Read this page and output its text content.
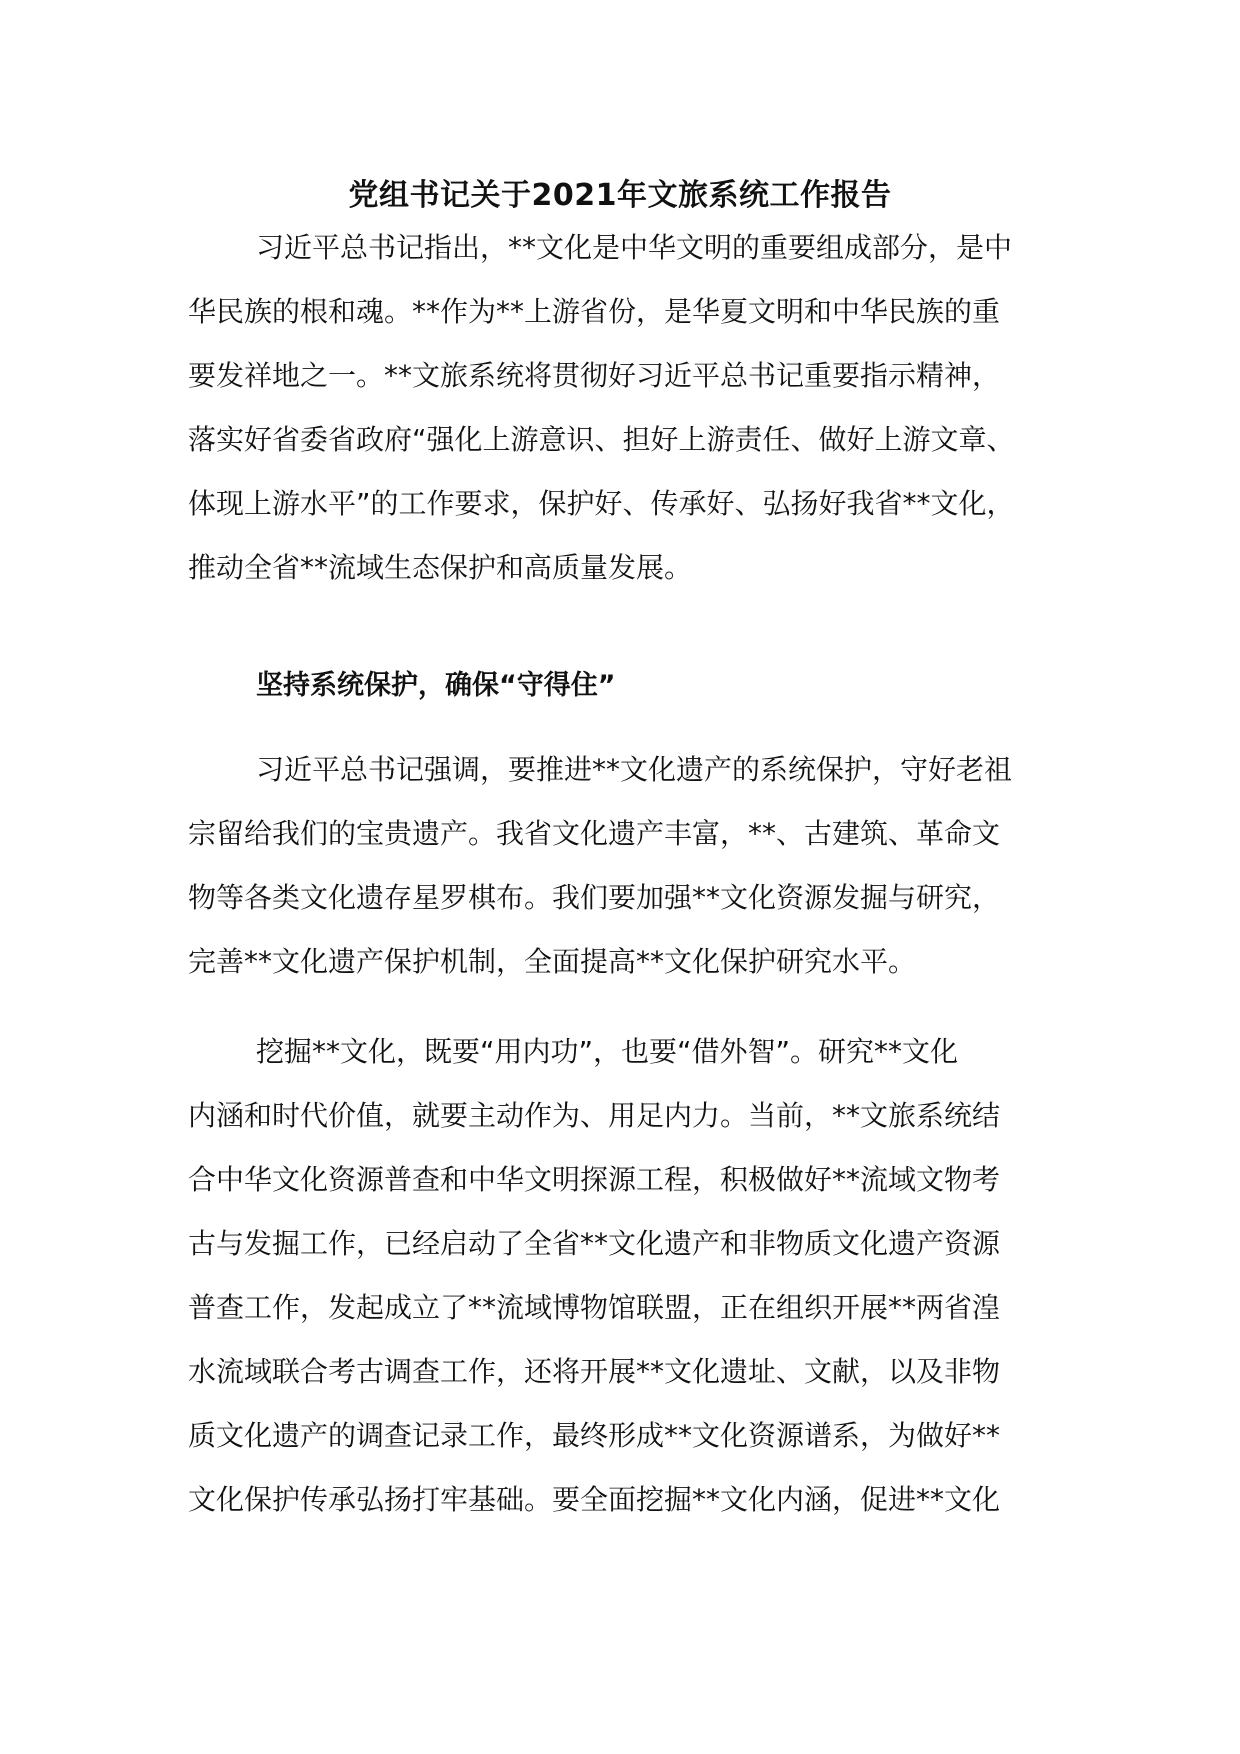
党组书记关于2021年文旅系统工作报告
习近平总书记指出，**文化是中华文明的重要组成部分，是中
华民族的根和魂。**作为**上游省份，是华夏文明和中华民族的重
要发祥地之一。**文旅系统将贯彻好习近平总书记重要指示精神，
落实好省委省政府“强化上游意识、担好上游责任、做好上游文章、
体现上游水平”的工作要求，保护好、传承好、弘扬好我省**文化，
推动全省**流域生态保护和高质量发展。
坚持系统保护，确保“守得住”
习近平总书记强调，要推进**文化遗产的系统保护，守好老祖
宗留给我们的宝贵遗产。我省文化遗产丰富，**、古建筑、革命文
物等各类文化遗存星罗棋布。我们要加强**文化资源发掘与研究，
完善**文化遗产保护机制，全面提高**文化保护研究水平。
挖掘**文化，既要“用内功”，也要“借外智”。研究**文化
内涵和时代价值，就要主动作为、用足内力。当前，**文旅系统结
合中华文化资源普查和中华文明探源工程，积极做好**流域文物考
古与发掘工作，已经启动了全省**文化遗产和非物质文化遗产资源
普查工作，发起成立了**流域博物馆联盟，正在组织开展**两省湟
水流域联合考古调查工作，还将开展**文化遗址、文献，以及非物
质文化遗产的调查记录工作，最终形成**文化资源谱系，为做好**
文化保护传承弘扬打牢基础。要全面挖掘**文化内涵，促进**文化
